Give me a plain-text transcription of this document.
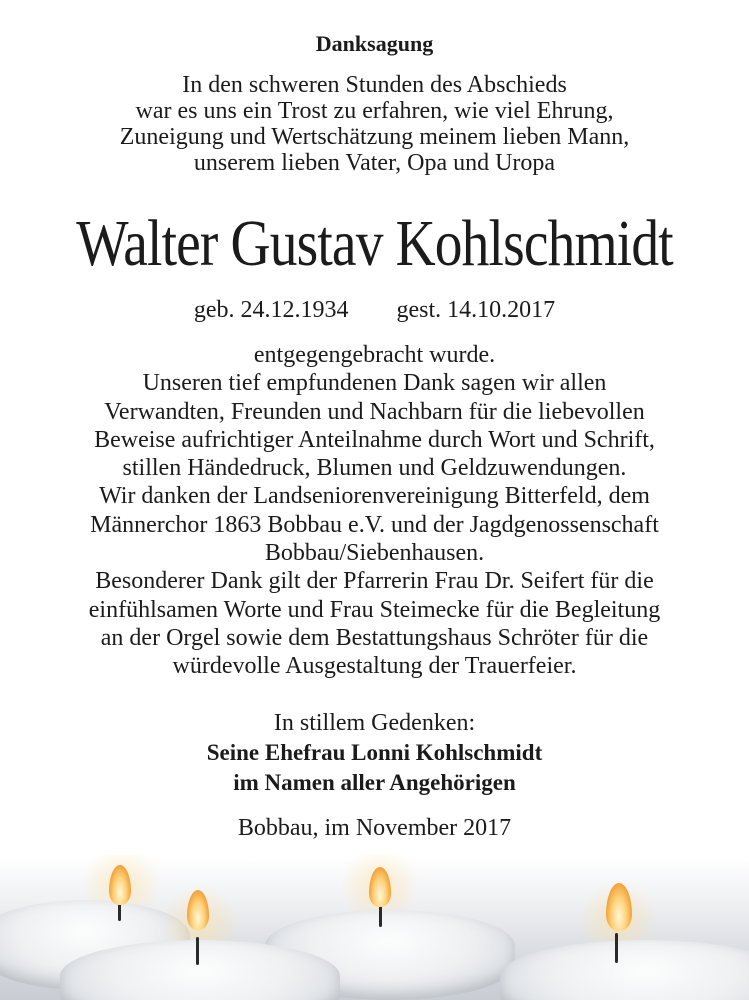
Danksagung
In den schweren Stunden des Abschieds
war es uns ein Trost zu erfahren, wie viel Ehrung,
Zuneigung und Wertschätzung meinem lieben Mann,
unserem lieben Vater, Opa und Uropa
Walter Gustav Kohlschmidt
geb. 24.12.1934 gest. 14.10.2017
entgegengebracht wurde.
Unseren tief empfundenen Dank sagen wir allen
Verwandten, Freunden und Nachbarn für die liebevollen
Beweise aufrichtiger Anteilnahme durch Wort und Schrift,
stillen Händedruck, Blumen und Geldzuwendungen.
Wir danken der Landseniorenvereinigung Bitterfeld, dem
Männerchor 1863 Bobbau e.V. und der Jagdgenossenschaft
Bobbau/Siebenhausen.
Besonderer Dank gilt der Pfarrerin Frau Dr. Seifert für die
einfühlsamen Worte und Frau Steimecke für die Begleitung
an der Orgel sowie dem Bestattungshaus Schröter für die
würdevolle Ausgestaltung der Trauerfeier.
In stillem Gedenken:
Seine Ehefrau Lonni Kohlschmidt
im Namen aller Angehörigen
Bobbau, im November 2017
